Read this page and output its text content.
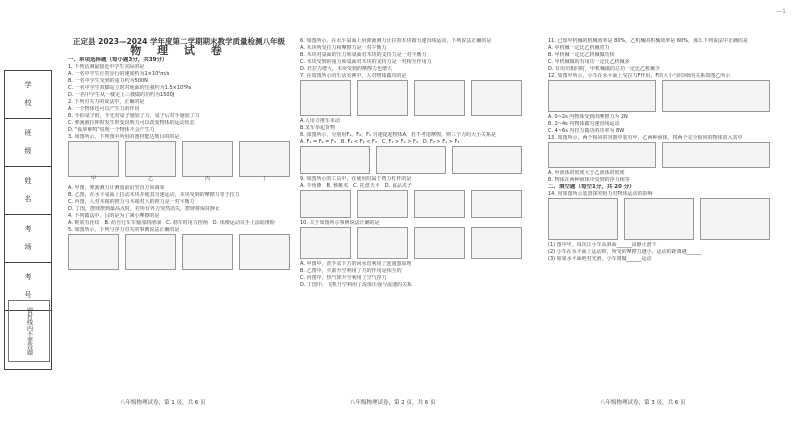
—1
学　校
班　级
姓　名
考　场
考　号
密封线内不要答题
正定县 2023—2024 学年度第二学期期末教学质量检测八年级
物 理 试 卷

一、单项选择题（每小题3分，共39分）

1. 下列估测最接近中学生实际的是

A. 一名中学生正常步行的速度约为1×10²m/s

B. 一名中学生受到的重力约为500N

C. 一名中学生双脚站立时对地面的压强约为1.5×10⁴Pa

D. 一名中学生从一楼走上三楼做的功约为1500J

2. 下列有关力的说法中，正确的是

A. 一个物体也可以产生力的作用

B. 手拍桌子时，手先对桌子施加了力，桌子后对手施加了力

C. 弹簧被拉伸时发生形变说明力可以改变物体的运动状态

D. "孤掌难鸣"说明一个物体不会产生力

3. 如图所示，下列图中所用的器材能达到目的的是

甲	乙	丙	丁

A. 甲图，弹簧测力计测量前沿竖直方向调零

B. 乙图，在水平桌面上拉动木块并使其匀速运动，木块受到的摩擦力等于拉力

C. 丙图，人对木箱的推力与木箱对人的推力是一对平衡力

D. 丁图，摆球摆到最高点时，若所有外力突然消失，摆球将保持静止

4. 下列做法中，目的是为了减小摩擦的是

A. 鞋底有花纹　B. 给自行车车轴加润滑油　C. 刹车时用力捏闸　D. 体操运动员手上涂防滑粉

5. 如图所示，下列与浮力有关的事例说法正确的是

八年级物理试卷，第 1 页，共 6 页

6. 如图所示，在水平桌面上用弹簧测力计拉着木块做匀速直线运动，下列说法正确的是

A. 木块所受拉力和摩擦力是一对平衡力

B. 木块对桌面的压力和桌面对木块的支持力是一对平衡力

C. 木块受到的重力和桌面对木块的支持力是一对相互作用力

D. 若拉力增大，木块受到的摩擦力也增大

7. 在如图所示的生活实例中，人对物体做功的是

A.人用力推车未动

B.叉车举起货物

8. 如图所示，分别用F₁、F₂、F₃ 匀速提起物体A，若不考虑摩擦，则三个力的大小关系是

A. F₁ = F₂ = F₃　B. F₁ < F₂ < F₃　C. F₁ > F₂ > F₃　D. F₂ > F₁ > F₃

9. 如图所示的工具中，在使用时属于费力杠杆的是

A. 羊角锤　B. 核桃夹　C. 托盘天平　D. 食品夹子

10. 关于如图所示事例说法正确的是

A. 甲图中，洗手盆下方的回水管利用了连通器原理

B. 乙图中，火箭升空利用了力的作用是相互的

C. 丙图中，热气球升空利用了空气浮力

D. 丁图中，飞机升空利用了流体压强与流速的关系

八年级物理试卷，第 2 页，共 6 页

11. 已知甲机械的机械效率是 80%，乙机械的机械效率是 60%，那么下列说法中正确的是

A. 甲机械一定比乙机械省力

B. 甲机械一定比乙机械做功快

C. 甲机械做的有用功一定比乙机械多

D. 有用功相同时，甲机械做的总功一定比乙机械少

12. 如图甲所示，小车在水平面上受拉力F作用，F的大小与时间t的关系如图乙所示

A. 0~2s 内物体受到的摩擦力为 2N

B. 2~4s 内物体做匀速直线运动

C. 4~6s 内拉力做功的功率为 8W

13. 如图所示，两个相同的容器中装有甲、乙两种液体，将两个完全相同的物体放入其中

A. 甲液体的密度大于乙液体的密度

B. 物体在两种液体中受到的浮力相等

二、填空题（每空1分，共 20 分）

14. 用如图所示装置探究阻力对物体运动的影响

(1) 图中甲，每次让小车从斜面______由静止滑下

(2) 小车在水平面上运动时，所受的摩擦力越小，运动的距离越______

(3) 如果水平面绝对光滑，小车将做______运动

八年级物理试卷，第 3 页，共 6 页
